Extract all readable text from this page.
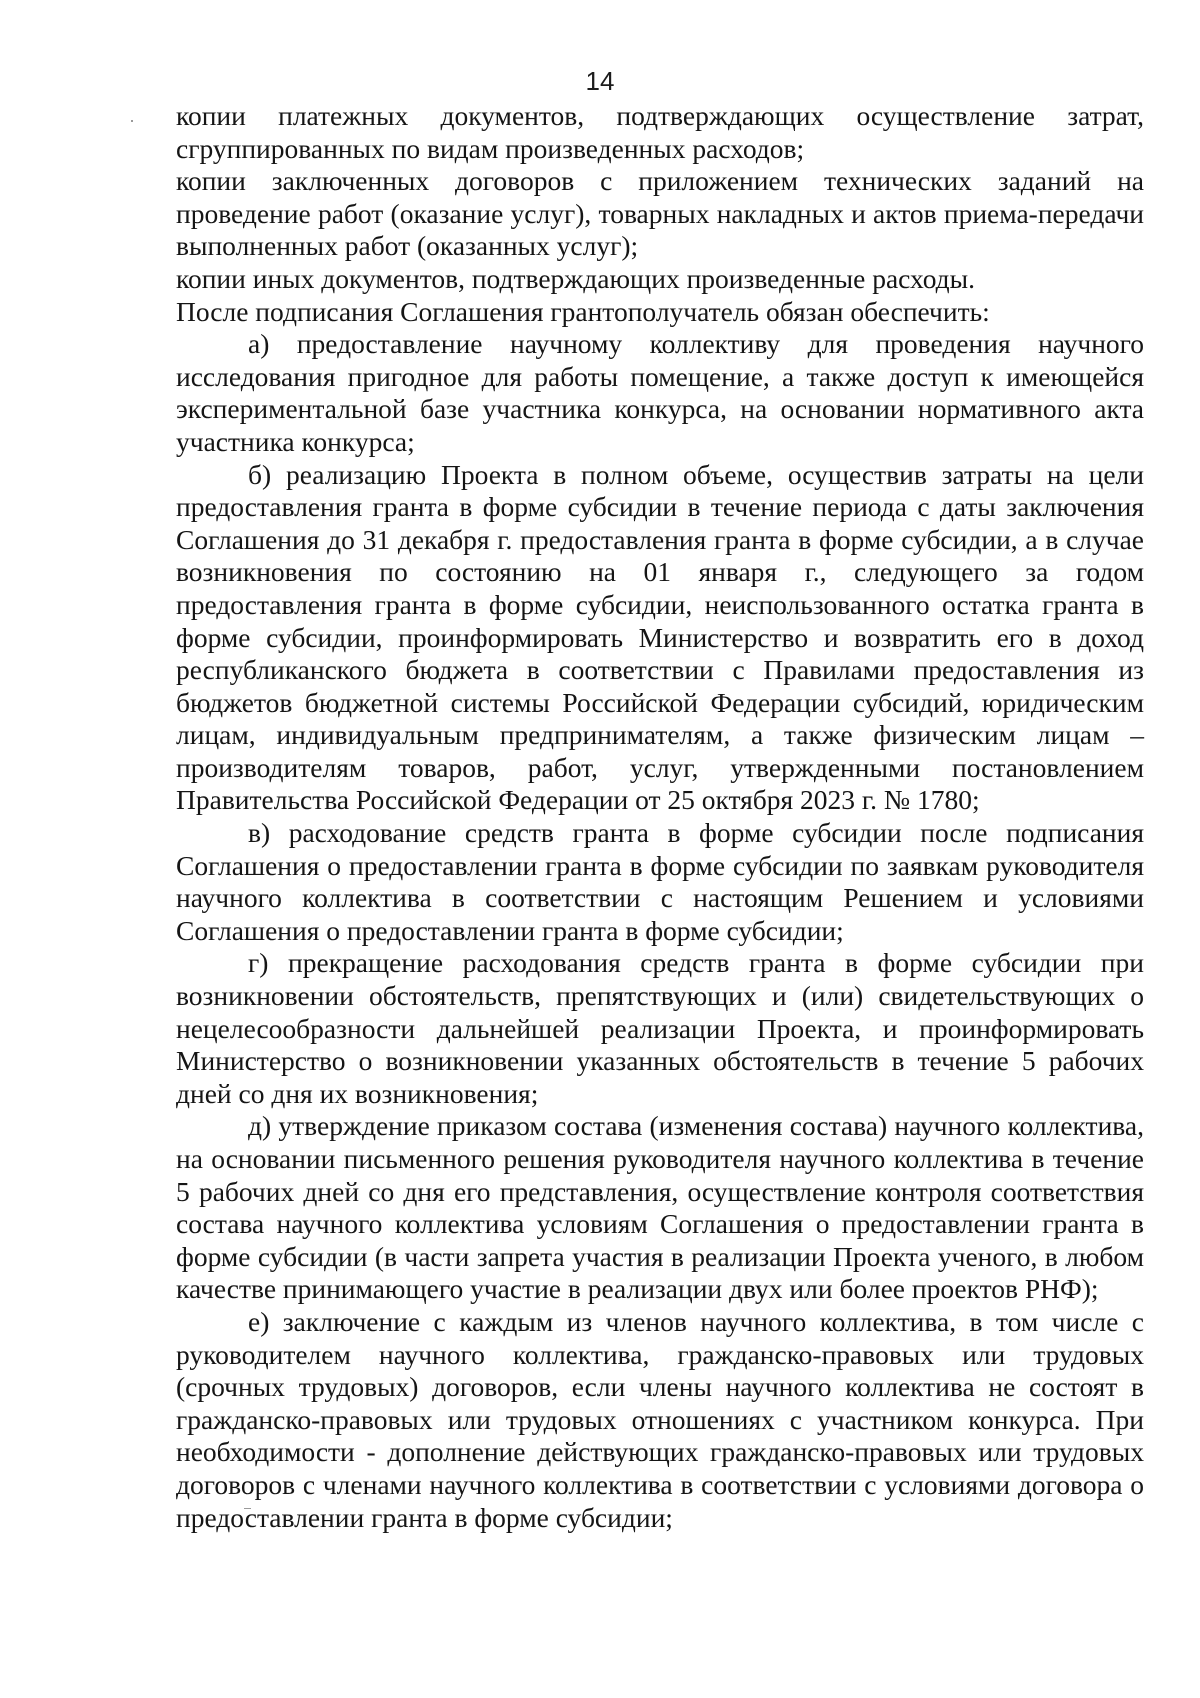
14

копии платежных документов, подтверждающих осуществление затрат, сгруппированных по видам произведенных расходов;

копии заключенных договоров с приложением технических заданий на проведение работ (оказание услуг), товарных накладных и актов приема-передачи выполненных работ (оказанных услуг);

копии иных документов, подтверждающих произведенные расходы.

После подписания Соглашения грантополучатель обязан обеспечить:

а) предоставление научному коллективу для проведения научного исследования пригодное для работы помещение, а также доступ к имеющейся экспериментальной базе участника конкурса, на основании нормативного акта участника конкурса;

б) реализацию Проекта в полном объеме, осуществив затраты на цели предоставления гранта в форме субсидии в течение периода с даты заключения Соглашения до 31 декабря г. предоставления гранта в форме субсидии, а в случае возникновения по состоянию на 01 января г., следующего за годом предоставления гранта в форме субсидии, неиспользованного остатка гранта в форме субсидии, проинформировать Министерство и возвратить его в доход республиканского бюджета в соответствии с Правилами предоставления из бюджетов бюджетной системы Российской Федерации субсидий, юридическим лицам, индивидуальным предпринимателям, а также физическим лицам – производителям товаров, работ, услуг, утвержденными постановлением Правительства Российской Федерации от 25 октября 2023 г. № 1780;

в) расходование средств гранта в форме субсидии после подписания Соглашения о предоставлении гранта в форме субсидии по заявкам руководителя научного коллектива в соответствии с настоящим Решением и условиями Соглашения о предоставлении гранта в форме субсидии;

г) прекращение расходования средств гранта в форме субсидии при возникновении обстоятельств, препятствующих и (или) свидетельствующих о нецелесообразности дальнейшей реализации Проекта, и проинформировать Министерство о возникновении указанных обстоятельств в течение 5 рабочих дней со дня их возникновения;

д) утверждение приказом состава (изменения состава) научного коллектива, на основании письменного решения руководителя научного коллектива в течение 5 рабочих дней со дня его представления, осуществление контроля соответствия состава научного коллектива условиям Соглашения о предоставлении гранта в форме субсидии (в части запрета участия в реализации Проекта ученого, в любом качестве принимающего участие в реализации двух или более проектов РНФ);

е) заключение с каждым из членов научного коллектива, в том числе с руководителем научного коллектива, гражданско-правовых или трудовых (срочных трудовых) договоров, если члены научного коллектива не состоят в гражданско-правовых или трудовых отношениях с участником конкурса. При необходимости - дополнение действующих гражданско-правовых или трудовых договоров с членами научного коллектива в соответствии с условиями договора о предоставлении гранта в форме субсидии;
